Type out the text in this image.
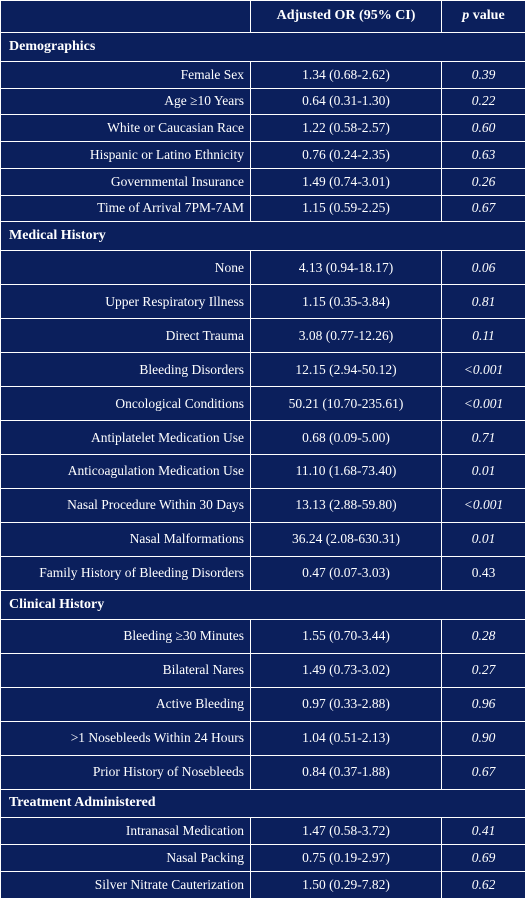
	Adjusted OR (95% CI)	p value
Demographics		
Female Sex	1.34 (0.68-2.62)	0.39
Age ≥10 Years	0.64 (0.31-1.30)	0.22
White or Caucasian Race	1.22 (0.58-2.57)	0.60
Hispanic or Latino Ethnicity	0.76 (0.24-2.35)	0.63
Governmental Insurance	1.49 (0.74-3.01)	0.26
Time of Arrival 7PM-7AM	1.15 (0.59-2.25)	0.67
Medical History		
None	4.13 (0.94-18.17)	0.06
Upper Respiratory Illness	1.15 (0.35-3.84)	0.81
Direct Trauma	3.08 (0.77-12.26)	0.11
Bleeding Disorders	12.15 (2.94-50.12)	<0.001
Oncological Conditions	50.21 (10.70-235.61)	<0.001
Antiplatelet Medication Use	0.68 (0.09-5.00)	0.71
Anticoagulation Medication Use	11.10 (1.68-73.40)	0.01
Nasal Procedure Within 30 Days	13.13 (2.88-59.80)	<0.001
Nasal Malformations	36.24 (2.08-630.31)	0.01
Family History of Bleeding Disorders	0.47 (0.07-3.03)	0.43
Clinical History		
Bleeding ≥30 Minutes	1.55 (0.70-3.44)	0.28
Bilateral Nares	1.49 (0.73-3.02)	0.27
Active Bleeding	0.97 (0.33-2.88)	0.96
>1 Nosebleeds Within 24 Hours	1.04 (0.51-2.13)	0.90
Prior History of Nosebleeds	0.84 (0.37-1.88)	0.67
Treatment Administered		
Intranasal Medication	1.47 (0.58-3.72)	0.41
Nasal Packing	0.75 (0.19-2.97)	0.69
Silver Nitrate Cauterization	1.50 (0.29-7.82)	0.62
